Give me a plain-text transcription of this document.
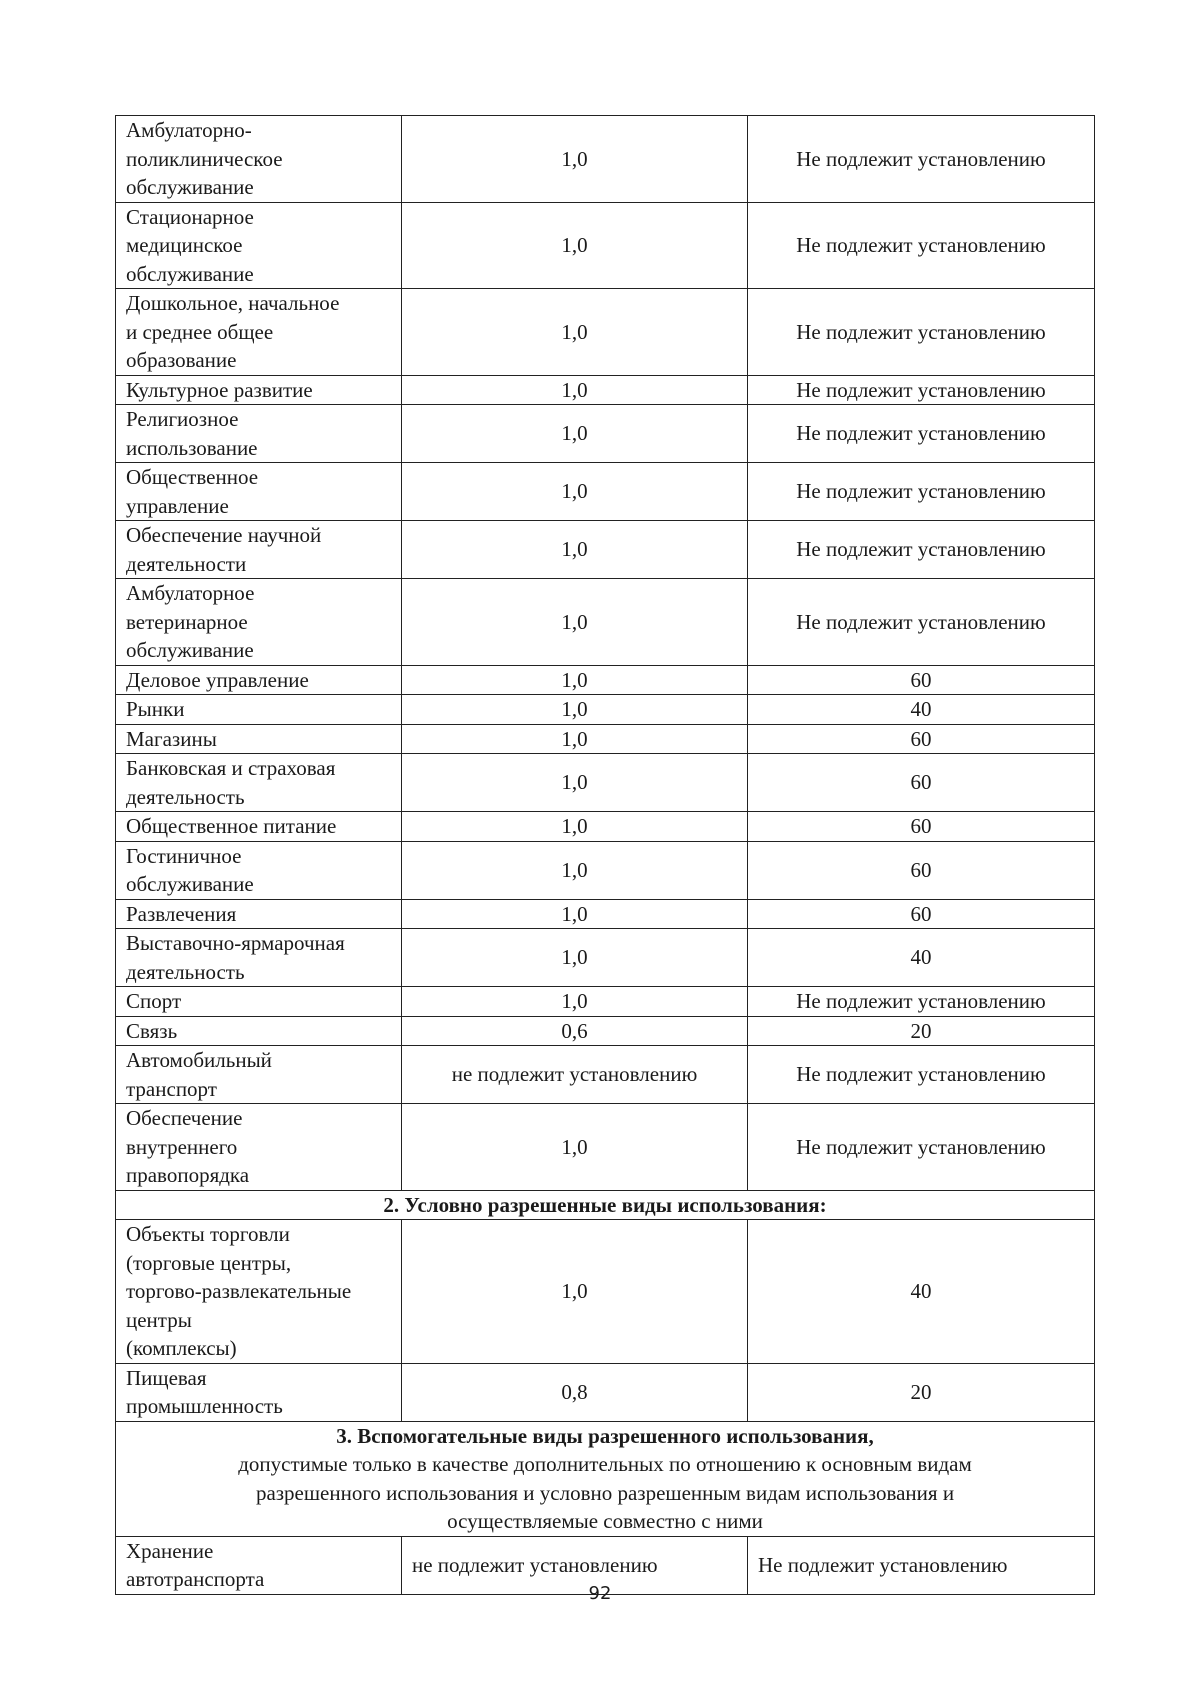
Амбулаторно-
поликлиническое
обслуживание	1,0	Не подлежит установлению
Стационарное
медицинское
обслуживание	1,0	Не подлежит установлению
Дошкольное, начальное
и среднее общее
образование	1,0	Не подлежит установлению
Культурное развитие	1,0	Не подлежит установлению
Религиозное
использование	1,0	Не подлежит установлению
Общественное
управление	1,0	Не подлежит установлению
Обеспечение научной
деятельности	1,0	Не подлежит установлению
Амбулаторное
ветеринарное
обслуживание	1,0	Не подлежит установлению
Деловое управление	1,0	60
Рынки	1,0	40
Магазины	1,0	60
Банковская и страховая
деятельность	1,0	60
Общественное питание	1,0	60
Гостиничное
обслуживание	1,0	60
Развлечения	1,0	60
Выставочно-ярмарочная
деятельность	1,0	40
Спорт	1,0	Не подлежит установлению
Связь	0,6	20
Автомобильный
транспорт	не подлежит установлению	Не подлежит установлению
Обеспечение
внутреннего
правопорядка	1,0	Не подлежит установлению

2. Условно разрешенные виды использования:		

Объекты торговли
(торговые центры,
торгово-развлекательные
центры
(комплексы)	1,0	40
Пищевая
промышленность	0,8	20

3. Вспомогательные виды разрешенного использования,
допустимые только в качестве дополнительных по отношению к основным видам
разрешенного использования и условно разрешенным видам использования и
осуществляемые совместно с ними		

Хранение
автотранспорта	не подлежит установлению	Не подлежит установлению
92
